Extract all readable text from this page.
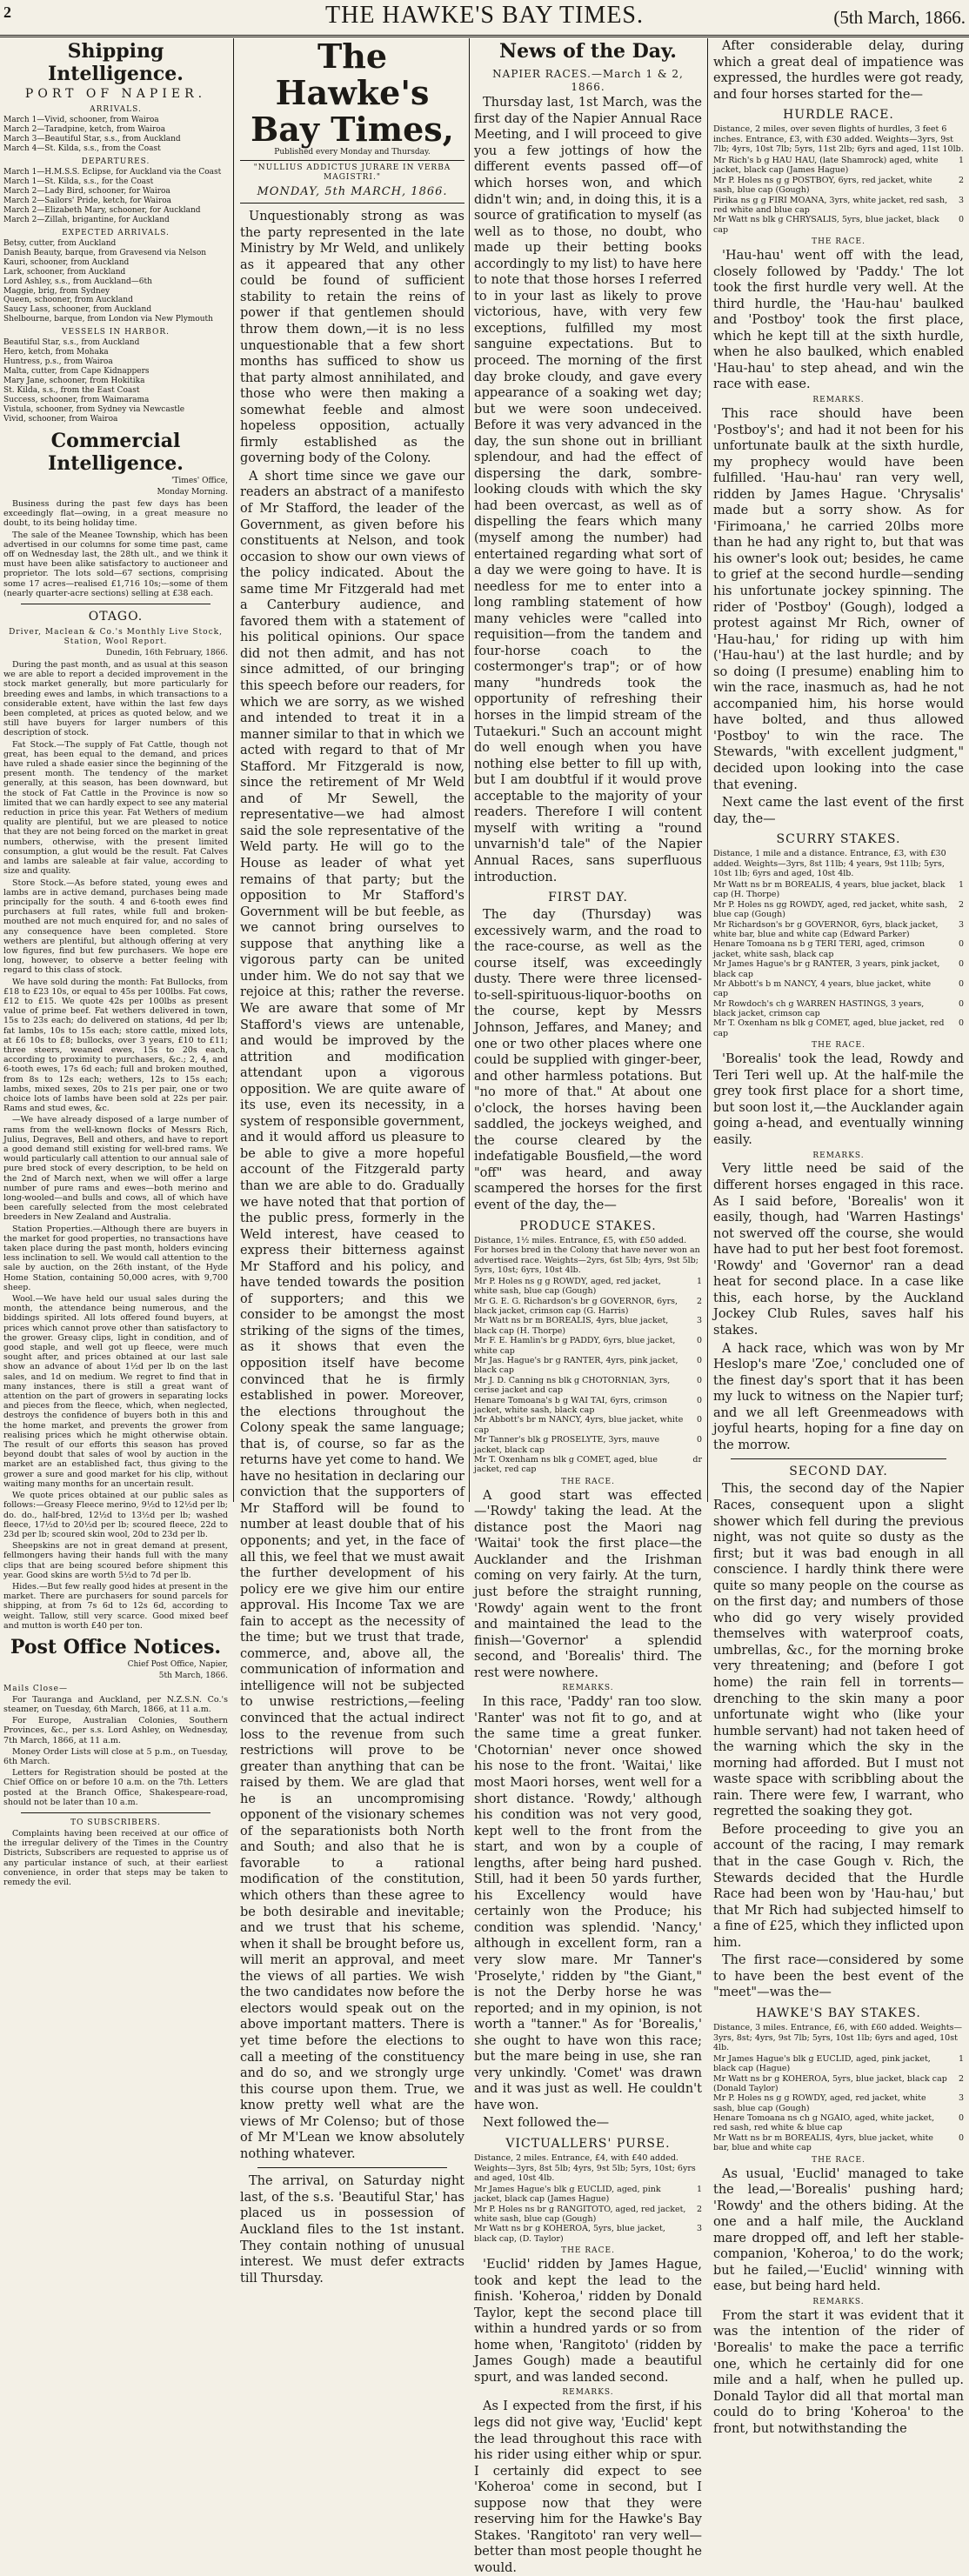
2	THE HAWKE'S BAY TIMES.	(5th March, 1866.
Shipping Intelligence.
PORT OF NAPIER.
ARRIVALS.
March 1—Vivid, schooner, from Wairoa
March 2—Taradpine, ketch, from Wairoa
March 3—Beautiful Star, s.s., from Auckland
March 4—St. Kilda, s.s., from the Coast
DEPARTURES.
March 1—H.M.S.S. Eclipse, for Auckland via the Coast
March 1—St. Kilda, s.s., for the Coast
March 2—Lady Bird, schooner, for Wairoa
March 2—Sailors' Pride, ketch, for Wairoa
March 2—Elizabeth Mary, schooner, for Auckland
March 2—Zillah, brigantine, for Auckland
EXPECTED ARRIVALS.
Betsy, cutter, from Auckland
Danish Beauty, barque, from Gravesend via Nelson
Kauri, schooner, from Auckland
Lark, schooner, from Auckland
Lord Ashley, s.s., from Auckland—6th
Maggie, brig, from Sydney
Queen, schooner, from Auckland
Saucy Lass, schooner, from Auckland
Shelbourne, barque, from London via New Plymouth
VESSELS IN HARBOR.
Beautiful Star, s.s., from Auckland
Hero, ketch, from Mohaka
Huntress, p.s., from Wairoa
Malta, cutter, from Cape Kidnappers
Mary Jane, schooner, from Hokitika
St. Kilda, s.s., from the East Coast
Success, schooner, from Waimarama
Vistula, schooner, from Sydney via Newcastle
Vivid, schooner, from Wairoa
Commercial Intelligence.
'Times' Office,
Monday Morning.

Business during the past few days has been exceedingly flat—owing, in a great measure no doubt, to its being holiday time.

The sale of the Meanee Township, which has been advertised in our columns for some time past, came off on Wednesday last, the 28th ult., and we think it must have been alike satisfactory to auctioneer and proprietor. The lots sold—67 sections, comprising some 17 acres—realised £1,716 10s;—some of them (nearly quarter-acre sections) selling at £38 each.

OTAGO.
Driver, Maclean & Co.'s Monthly Live Stock, Station, Wool Report.
Dunedin, 16th February, 1866.

During the past month, and as usual at this season we are able to report a decided improvement in the stock market generally, but more particularly for breeding ewes and lambs, in which transactions to a considerable extent, have within the last few days been completed, at prices as quoted below, and we still have buyers for larger numbers of this description of stock.

Fat Stock.—The supply of Fat Cattle, though not great, has been equal to the demand, and prices have ruled a shade easier since the beginning of the present month. The tendency of the market generally, at this season, has been downward, but the stock of Fat Cattle in the Province is now so limited that we can hardly expect to see any material reduction in price this year. Fat Wethers of medium quality are plentiful, but we are pleased to notice that they are not being forced on the market in great numbers, otherwise, with the present limited consumption, a glut would be the result. Fat Calves and lambs are saleable at fair value, according to size and quality.

Store Stock.—As before stated, young ewes and lambs are in active demand, purchases being made principally for the south. 4 and 6-tooth ewes find purchasers at full rates, while full and broken-mouthed are not much enquired for, and no sales of any consequence have been completed. Store wethers are plentiful, but although offering at very low figures, find but few purchasers. We hope ere long, however, to observe a better feeling with regard to this class of stock.

We have sold during the month: Fat Bullocks, from £18 to £23 10s, or equal to 45s per 100lbs. Fat cows, £12 to £15. We quote 42s per 100lbs as present value of prime beef. Fat wethers delivered in town, 15s to 23s each; do delivered on stations, 4d per lb; fat lambs, 10s to 15s each; store cattle, mixed lots, at £6 10s to £8; bullocks, over 3 years, £10 to £11; three steers, weaned ewes, 15s to 20s each, according to proximity to purchasers, &c.; 2, 4, and 6-tooth ewes, 17s 6d each; full and broken mouthed, from 8s to 12s each; wethers, 12s to 15s each; lambs, mixed sexes, 20s to 21s per pair, one or two choice lots of lambs have been sold at 22s per pair. Rams and stud ewes, &c.

—We have already disposed of a large number of rams from the well-known flocks of Messrs Rich, Julius, Degraves, Bell and others, and have to report a good demand still existing for well-bred rams. We would particularly call attention to our annual sale of pure bred stock of every description, to be held on the 2nd of March next, when we will offer a large number of pure rams and ewes—both merino and long-wooled—and bulls and cows, all of which have been carefully selected from the most celebrated breeders in New Zealand and Australia.

Station Properties.—Although there are buyers in the market for good properties, no transactions have taken place during the past month, holders evincing less inclination to sell. We would call attention to the sale by auction, on the 26th instant, of the Hyde Home Station, containing 50,000 acres, with 9,700 sheep.

Wool.—We have held our usual sales during the month, the attendance being numerous, and the biddings spirited. All lots offered found buyers, at prices which cannot prove other than satisfactory to the grower. Greasy clips, light in condition, and of good staple, and well got up fleece, were much sought after, and prices obtained at our last sale show an advance of about 1½d per lb on the last sales, and 1d on medium. We regret to find that in many instances, there is still a great want of attention on the part of growers in separating locks and pieces from the fleece, which, when neglected, destroys the confidence of buyers both in this and the home market, and prevents the grower from realising prices which he might otherwise obtain. The result of our efforts this season has proved beyond doubt that sales of wool by auction in the market are an established fact, thus giving to the grower a sure and good market for his clip, without waiting many months for an uncertain result.

We quote prices obtained at our public sales as follows:—Greasy Fleece merino, 9½d to 12½d per lb; do. do., half-bred, 12½d to 13½d per lb; washed fleece, 17½d to 20½d per lb; scoured fleece, 22d to 23d per lb; scoured skin wool, 20d to 23d per lb.

Sheepskins are not in great demand at present, fellmongers having their hands full with the many clips that are being scoured before shipment this year. Good skins are worth 5½d to 7d per lb.

Hides.—But few really good hides at present in the market. There are purchasers for sound parcels for shipping, at from 7s 6d to 12s 6d, according to weight. Tallow, still very scarce. Good mixed beef and mutton is worth £40 per ton.

Post Office Notices.
Chief Post Office, Napier,
5th March, 1866.
Mails Close—

For Tauranga and Auckland, per N.Z.S.N. Co.'s steamer, on Tuesday, 6th March, 1866, at 11 a.m.

For Europe, Australian Colonies, Southern Provinces, &c., per s.s. Lord Ashley, on Wednesday, 7th March, 1866, at 11 a.m.

Money Order Lists will close at 5 p.m., on Tuesday, 6th March.

Letters for Registration should be posted at the Chief Office on or before 10 a.m. on the 7th. Letters posted at the Branch Office, Shakespeare-road, should not be later than 10 a.m.

TO SUBSCRIBERS.

Complaints having been received at our office of the irregular delivery of the Times in the Country Districts, Subscribers are requested to apprise us of any particular instance of such, at their earliest convenience, in order that steps may be taken to remedy the evil.

The Hawke's Bay Times,
Published every Monday and Thursday.
"NULLIUS ADDICTUS JURARE IN VERBA MAGISTRI."
MONDAY, 5th MARCH, 1866.

Unquestionably strong as was the party represented in the late Ministry by Mr Weld, and unlikely as it appeared that any other could be found of sufficient stability to retain the reins of power if that gentlemen should throw them down,—it is no less unquestionable that a few short months has sufficed to show us that party almost annihilated, and those who were then making a somewhat feeble and almost hopeless opposition, actually firmly established as the governing body of the Colony.

A short time since we gave our readers an abstract of a manifesto of Mr Stafford, the leader of the Government, as given before his constituents at Nelson, and took occasion to show our own views of the policy indicated. About the same time Mr Fitzgerald had met a Canterbury audience, and favored them with a statement of his political opinions. Our space did not then admit, and has not since admitted, of our bringing this speech before our readers, for which we are sorry, as we wished and intended to treat it in a manner similar to that in which we acted with regard to that of Mr Stafford. Mr Fitzgerald is now, since the retirement of Mr Weld and of Mr Sewell, the representative—we had almost said the sole representative of the Weld party. He will go to the House as leader of what yet remains of that party; but the opposition to Mr Stafford's Government will be but feeble, as we cannot bring ourselves to suppose that anything like a vigorous party can be united under him. We do not say that we rejoice at this; rather the reverse. We are aware that some of Mr Stafford's views are untenable, and would be improved by the attrition and modification attendant upon a vigorous opposition. We are quite aware of its use, even its necessity, in a system of responsible government, and it would afford us pleasure to be able to give a more hopeful account of the Fitzgerald party than we are able to do. Gradually we have noted that that portion of the public press, formerly in the Weld interest, have ceased to express their bitterness against Mr Stafford and his policy, and have tended towards the position of supporters; and this we consider to be amongst the most striking of the signs of the times, as it shows that even the opposition itself have become convinced that he is firmly established in power. Moreover, the elections throughout the Colony speak the same language; that is, of course, so far as the returns have yet come to hand. We have no hesitation in declaring our conviction that the supporters of Mr Stafford will be found to number at least double that of his opponents; and yet, in the face of all this, we feel that we must await the further development of his policy ere we give him our entire approval. His Income Tax we are fain to accept as the necessity of the time; but we trust that trade, commerce, and, above all, the communication of information and intelligence will not be subjected to unwise restrictions,—feeling convinced that the actual indirect loss to the revenue from such restrictions will prove to be greater than anything that can be raised by them. We are glad that he is an uncompromising opponent of the visionary schemes of the separationists both North and South; and also that he is favorable to a rational modification of the constitution, which others than these agree to be both desirable and inevitable; and we trust that his scheme, when it shall be brought before us, will merit an approval, and meet the views of all parties. We wish the two candidates now before the electors would speak out on the above important matters. There is yet time before the elections to call a meeting of the constituency and do so, and we strongly urge this course upon them. True, we know pretty well what are the views of Mr Colenso; but of those of Mr M'Lean we know absolutely nothing whatever.

The arrival, on Saturday night last, of the s.s. 'Beautiful Star,' has placed us in possession of Auckland files to the 1st instant. They contain nothing of unusual interest. We must defer extracts till Thursday.

News of the Day.
NAPIER RACES.—March 1 & 2, 1866.

Thursday last, 1st March, was the first day of the Napier Annual Race Meeting, and I will proceed to give you a few jottings of how the different events passed off—of which horses won, and which didn't win; and, in doing this, it is a source of gratification to myself (as well as to those, no doubt, who made up their betting books accordingly to my list) to have here to note that those horses I referred to in your last as likely to prove victorious, have, with very few exceptions, fulfilled my most sanguine expectations. But to proceed. The morning of the first day broke cloudy, and gave every appearance of a soaking wet day; but we were soon undeceived. Before it was very advanced in the day, the sun shone out in brilliant splendour, and had the effect of dispersing the dark, sombre-looking clouds with which the sky had been overcast, as well as of dispelling the fears which many (myself among the number) had entertained regarding what sort of a day we were going to have. It is needless for me to enter into a long rambling statement of how many vehicles were "called into requisition—from the tandem and four-horse coach to the costermonger's trap"; or of how many "hundreds took the opportunity of refreshing their horses in the limpid stream of the Tutaekuri." Such an account might do well enough when you have nothing else better to fill up with, but I am doubtful if it would prove acceptable to the majority of your readers. Therefore I will content myself with writing a "round unvarnish'd tale" of the Napier Annual Races, sans superfluous introduction.

FIRST DAY.

The day (Thursday) was excessively warm, and the road to the race-course, as well as the course itself, was exceedingly dusty. There were three licensed-to-sell-spirituous-liquor-booths on the course, kept by Messrs Johnson, Jeffares, and Maney; and one or two other places where one could be supplied with ginger-beer, and other harmless potations. But "no more of that." At about one o'clock, the horses having been saddled, the jockeys weighed, and the course cleared by the indefatigable Bousfield,—the word "off" was heard, and away scampered the horses for the first event of the day, the—

PRODUCE STAKES.
Distance, 1½ miles. Entrance, £5, with £50 added. For horses bred in the Colony that have never won an advertised race. Weights—2yrs, 6st 5lb; 4yrs, 9st 5lb; 5yrs, 10st; 6yrs, 10st 4lb.
Mr P. Holes ns g g ROWDY, aged, red jacket, white sash, blue cap (Gough)
1
Mr G. E. G. Richardson's br g GOVERNOR, 6yrs, black jacket, crimson cap (G. Harris)
2
Mr Watt ns br m BOREALIS, 4yrs, blue jacket, black cap (H. Thorpe)
3
Mr F. E. Hamlin's br g PADDY, 6yrs, blue jacket, white cap
0
Mr Jas. Hague's br g RANTER, 4yrs, pink jacket, black cap
0
Mr J. D. Canning ns blk g CHOTORNIAN, 3yrs, cerise jacket and cap
0
Henare Tomoana's b g WAI TAI, 6yrs, crimson jacket, white sash, black cap
0
Mr Abbott's br m NANCY, 4yrs, blue jacket, white cap
0
Mr Tanner's blk g PROSELYTE, 3yrs, mauve jacket, black cap
0
Mr T. Oxenham ns blk g COMET, aged, blue jacket, red cap
dr
THE RACE.

A good start was effected—'Rowdy' taking the lead. At the distance post the Maori nag 'Waitai' took the first place—the Aucklander and the Irishman coming on very fairly. At the turn, just before the straight running, 'Rowdy' again went to the front and maintained the lead to the finish—'Governor' a splendid second, and 'Borealis' third. The rest were nowhere.

REMARKS.

In this race, 'Paddy' ran too slow. 'Ranter' was not fit to go, and at the same time a great funker. 'Chotornian' never once showed his nose to the front. 'Waitai,' like most Maori horses, went well for a short distance. 'Rowdy,' although his condition was not very good, kept well to the front from the start, and won by a couple of lengths, after being hard pushed. Still, had it been 50 yards further, his Excellency would have certainly won the Produce; his condition was splendid. 'Nancy,' although in excellent form, ran a very slow mare. Mr Tanner's 'Proselyte,' ridden by "the Giant," is not the Derby horse he was reported; and in my opinion, is not worth a "tanner." As for 'Borealis,' she ought to have won this race; but the mare being in use, she ran very unkindly. 'Comet' was drawn and it was just as well. He couldn't have won.

Next followed the—

VICTUALLERS' PURSE.
Distance, 2 miles. Entrance, £4, with £40 added. Weights—3yrs, 8st 5lb; 4yrs, 9st 5lb; 5yrs, 10st; 6yrs and aged, 10st 4lb.
Mr James Hague's blk g EUCLID, aged, pink jacket, black cap (James Hague)
1
Mr P. Holes ns br g RANGITOTO, aged, red jacket, white sash, blue cap (Gough)
2
Mr Watt ns br g KOHEROA, 5yrs, blue jacket, black cap, (D. Taylor)
3
THE RACE.

'Euclid' ridden by James Hague, took and kept the lead to the finish. 'Koheroa,' ridden by Donald Taylor, kept the second place till within a hundred yards or so from home when, 'Rangitoto' (ridden by James Gough) made a beautiful spurt, and was landed second.

REMARKS.

As I expected from the first, if his legs did not give way, 'Euclid' kept the lead throughout this race with his rider using either whip or spur. I certainly did expect to see 'Koheroa' come in second, but I suppose now that they were reserving him for the Hawke's Bay Stakes. 'Rangitoto' ran very well—better than most people thought he would.

After considerable delay, during which a great deal of impatience was expressed, the hurdles were got ready, and four horses started for the—

HURDLE RACE.
Distance, 2 miles, over seven flights of hurdles, 3 feet 6 inches. Entrance, £3, with £30 added. Weights—3yrs, 9st 7lb; 4yrs, 10st 7lb; 5yrs, 11st 2lb; 6yrs and aged, 11st 10lb.
Mr Rich's b g HAU HAU, (late Shamrock) aged, white jacket, black cap (James Hague)
1
Mr P. Holes ns g g POSTBOY, 6yrs, red jacket, white sash, blue cap (Gough)
2
Pirika ns g g FIRI MOANA, 3yrs, white jacket, red sash, red white and blue cap
3
Mr Watt ns blk g CHRYSALIS, 5yrs, blue jacket, black cap
0
THE RACE.

'Hau-hau' went off with the lead, closely followed by 'Paddy.' The lot took the first hurdle very well. At the third hurdle, the 'Hau-hau' baulked and 'Postboy' took the first place, which he kept till at the sixth hurdle, when he also baulked, which enabled 'Hau-hau' to step ahead, and win the race with ease.

REMARKS.

This race should have been 'Postboy's'; and had it not been for his unfortunate baulk at the sixth hurdle, my prophecy would have been fulfilled. 'Hau-hau' ran very well, ridden by James Hague. 'Chrysalis' made but a sorry show. As for 'Firimoana,' he carried 20lbs more than he had any right to, but that was his owner's look out; besides, he came to grief at the second hurdle—sending his unfortunate jockey spinning. The rider of 'Postboy' (Gough), lodged a protest against Mr Rich, owner of 'Hau-hau,' for riding up with him ('Hau-hau') at the last hurdle; and by so doing (I presume) enabling him to win the race, inasmuch as, had he not accompanied him, his horse would have bolted, and thus allowed 'Postboy' to win the race. The Stewards, "with excellent judgment," decided upon looking into the case that evening.

Next came the last event of the first day, the—

SCURRY STAKES.
Distance, 1 mile and a distance. Entrance, £3, with £30 added. Weights—3yrs, 8st 11lb; 4 years, 9st 11lb; 5yrs, 10st 1lb; 6yrs and aged, 10st 4lb.
Mr Watt ns br m BOREALIS, 4 years, blue jacket, black cap (H. Thorpe)
1
Mr P. Holes ns gg ROWDY, aged, red jacket, white sash, blue cap (Gough)
2
Mr Richardson's br g GOVERNOR, 6yrs, black jacket, white bar, blue and white cap (Edward Parker)
3
Henare Tomoana ns b g TERI TERI, aged, crimson jacket, white sash, black cap
0
Mr James Hague's br g RANTER, 3 years, pink jacket, black cap
0
Mr Abbott's b m NANCY, 4 years, blue jacket, white cap
0
Mr Rowdoch's ch g WARREN HASTINGS, 3 years, black jacket, crimson cap
0
Mr T. Oxenham ns blk g COMET, aged, blue jacket, red cap
0
THE RACE.

'Borealis' took the lead, Rowdy and Teri Teri well up. At the half-mile the grey took first place for a short time, but soon lost it,—the Aucklander again going a-head, and eventually winning easily.

REMARKS.

Very little need be said of the different horses engaged in this race. As I said before, 'Borealis' won it easily, though, had 'Warren Hastings' not swerved off the course, she would have had to put her best foot foremost. 'Rowdy' and 'Governor' ran a dead heat for second place. In a case like this, each horse, by the Auckland Jockey Club Rules, saves half his stakes.

A hack race, which was won by Mr Heslop's mare 'Zoe,' concluded one of the finest day's sport that it has been my luck to witness on the Napier turf; and we all left Greenmeadows with joyful hearts, hoping for a fine day on the morrow.

SECOND DAY.

This, the second day of the Napier Races, consequent upon a slight shower which fell during the previous night, was not quite so dusty as the first; but it was bad enough in all conscience. I hardly think there were quite so many people on the course as on the first day; and numbers of those who did go very wisely provided themselves with waterproof coats, umbrellas, &c., for the morning broke very threatening; and (before I got home) the rain fell in torrents—drenching to the skin many a poor unfortunate wight who (like your humble servant) had not taken heed of the warning which the sky in the morning had afforded. But I must not waste space with scribbling about the rain. There were few, I warrant, who regretted the soaking they got.

Before proceeding to give you an account of the racing, I may remark that in the case Gough v. Rich, the Stewards decided that the Hurdle Race had been won by 'Hau-hau,' but that Mr Rich had subjected himself to a fine of £25, which they inflicted upon him.

The first race—considered by some to have been the best event of the "meet"—was the—

HAWKE'S BAY STAKES.
Distance, 3 miles. Entrance, £6, with £60 added. Weights—3yrs, 8st; 4yrs, 9st 7lb; 5yrs, 10st 1lb; 6yrs and aged, 10st 4lb.
Mr James Hague's blk g EUCLID, aged, pink jacket, black cap (Hague)
1
Mr Watt ns br g KOHEROA, 5yrs, blue jacket, black cap (Donald Taylor)
2
Mr P. Holes ns g g ROWDY, aged, red jacket, white sash, blue cap (Gough)
3
Henare Tomoana ns ch g NGAIO, aged, white jacket, red sash, red white & blue cap
0
Mr Watt ns br m BOREALIS, 4yrs, blue jacket, white bar, blue and white cap
0
THE RACE.

As usual, 'Euclid' managed to take the lead,—'Borealis' pushing hard; 'Rowdy' and the others biding. At the one and a half mile, the Auckland mare dropped off, and left her stable-companion, 'Koheroa,' to do the work; but he failed,—'Euclid' winning with ease, but being hard held.

REMARKS.

From the start it was evident that it was the intention of the rider of 'Borealis' to make the pace a terrific one, which he certainly did for one mile and a half, when he pulled up. Donald Taylor did all that mortal man could do to bring 'Koheroa' to the front, but notwithstanding the
